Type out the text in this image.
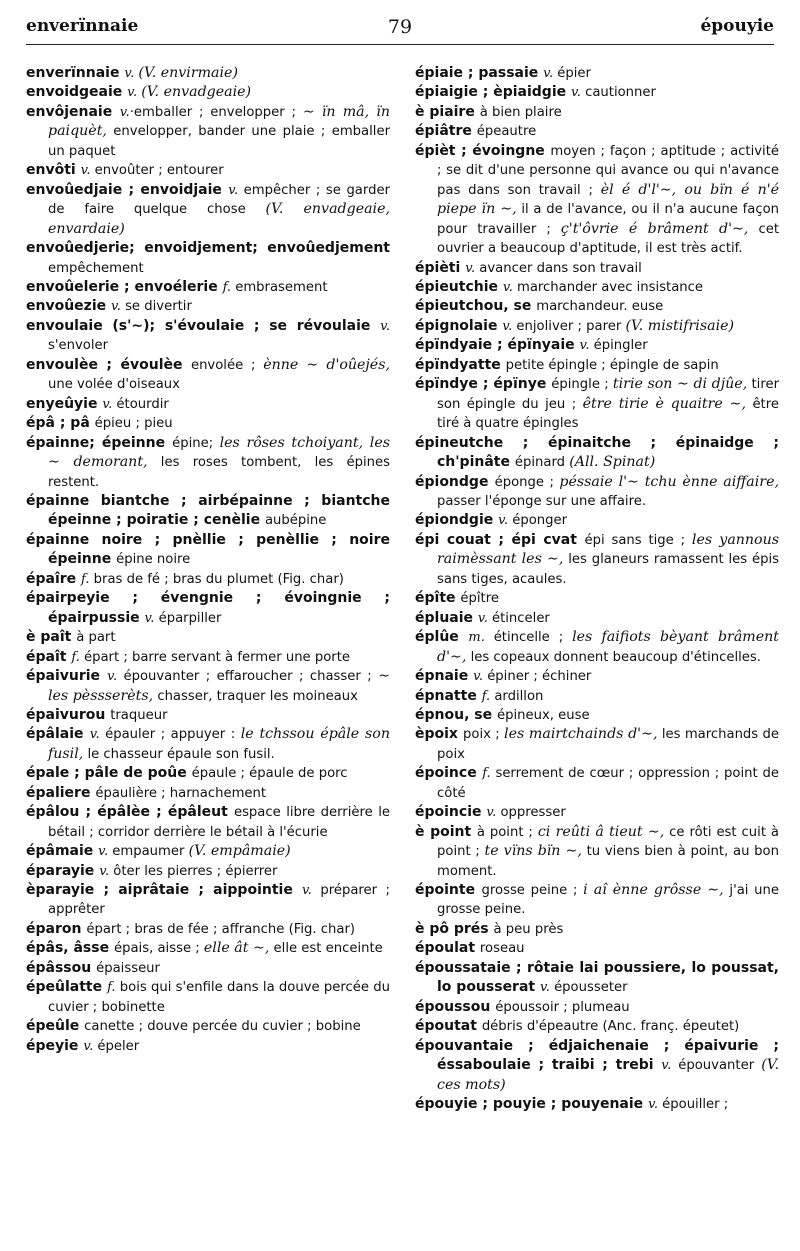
enverïnnaie	79	épouyie

enverïnnaie v. (V. envirmaie)

envoidgeaie v. (V. envadgeaie)

envôjenaie v.·emballer ; envelopper ; ∼ ïn mâ, ïn paiquèt, envelopper, bander une plaie ; emballer un paquet

envôti v. envoûter ; entourer

envoûedjaie ; envoidjaie v. empêcher ; se garder de faire quelque chose (V. envadgeaie, envardaie)

envoûedjerie; envoidjement; envoûedjement empêchement

envoûelerie ; envoélerie f. embrasement

envoûezie v. se divertir

envoulaie (s'∼); s'évoulaie ; se révoulaie v. s'envoler

envoulèe ; évoulèe envolée ; ènne ∼ d'oûejés, une volée d'oiseaux

enyeûyie v. étourdir

épâ ; pâ épieu ; pieu

épainne; épeinne épine; les rôses tchoiyant, les ∼ demorant, les roses tombent, les épines restent.

épainne biantche ; airbépainne ; biantche épeinne ; poiratie ; cenèlie aubépine

épainne noire ; pnèllie ; penèllie ; noire épeinne épine noire

épaîre f. bras de fé ; bras du plumet (Fig. char)

épairpeyie ; évengnie ; évoingnie ; épairpussie v. éparpiller

è paît à part

épaît f. épart ; barre servant à fermer une porte

épaivurie v. épouvanter ; effaroucher ; chasser ; ∼ les pèssserèts, chasser, traquer les moineaux

épaivurou traqueur

épâlaie v. épauler ; appuyer : le tchssou épâle son fusil, le chasseur épaule son fusil.

épale ; pâle de poûe épaule ; épaule de porc

épaliere épaulière ; harnachement

épâlou ; épâlèe ; épâleut espace libre derrière le bétail ; corridor derrière le bétail à l'écurie

épâmaie v. empaumer (V. empâmaie)

éparayie v. ôter les pierres ; épierrer

èparayie ; aiprâtaie ; aippointie v. préparer ; apprêter

éparon épart ; bras de fée ; affranche (Fig. char)

épâs, âsse épais, aisse ; elle ât ∼, elle est enceinte

épâssou épaisseur

épeûlatte f. bois qui s'enfile dans la douve percée du cuvier ; bobinette

épeûle canette ; douve percée du cuvier ; bobine

épeyie v. épeler

épiaie ; passaie v. épier

épiaigie ; èpiaidgie v. cautionner

è piaire à bien plaire

épiâtre épeautre

épièt ; évoingne moyen ; façon ; aptitude ; activité ; se dit d'une personne qui avance ou qui n'avance pas dans son travail ; èl é d'l'∼, ou bïn é n'é piepe ïn ∼, il a de l'avance, ou il n'a aucune façon pour travailler ; ç't'ôvrie é brâment d'∼, cet ouvrier a beaucoup d'aptitude, il est très actif.

épièti v. avancer dans son travail

épieutchie v. marchander avec insistance

épieutchou, se marchandeur. euse

épignolaie v. enjoliver ; parer (V. mistifrisaie)

épïndyaie ; épïnyaie v. épingler

épïndyatte petite épingle ; épingle de sapin

épïndye ; épïnye épingle ; tirie son ∼ di djûe, tirer son épingle du jeu ; être tirie è quaitre ∼, être tiré à quatre épingles

épineutche ; épinaitche ; épinaidge ; ch'pinâte épinard (All. Spinat)

épiondge éponge ; péssaie l'∼ tchu ènne aiffaire, passer l'éponge sur une affaire.

épiondgie v. éponger

épi couat ; épi cvat épi sans tige ; les yannous raimèssant les ∼, les glaneurs ramassent les épis sans tiges, acaules.

épîte épître

épluaie v. étinceler

éplûe m. étincelle ; les faifiots bèyant brâment d'∼, les copeaux donnent beaucoup d'étincelles.

épnaie v. épiner ; échiner

épnatte f. ardillon

épnou, se épineux, euse

èpoix poix ; les mairtchainds d'∼, les marchands de poix

époince f. serrement de cœur ; oppression ; point de côté

époincie v. oppresser

è point à point ; ci reûti â tieut ∼, ce rôti est cuit à point ; te vïns bïn ∼, tu viens bien à point, au bon moment.

épointe grosse peine ; i aî ènne grôsse ∼, j'ai une grosse peine.

è pô prés à peu près

époulat roseau

époussataie ; rôtaie lai poussiere, lo poussat, lo pousserat v. épousseter

époussou époussoir ; plumeau

époutat débris d'épeautre (Anc. franç. épeutet)

épouvantaie ; édjaichenaie ; épaivurie ; éssaboulaie ; traibi ; trebi v. épouvanter (V. ces mots)

épouyie ; pouyie ; pouyenaie v. épouiller ;
